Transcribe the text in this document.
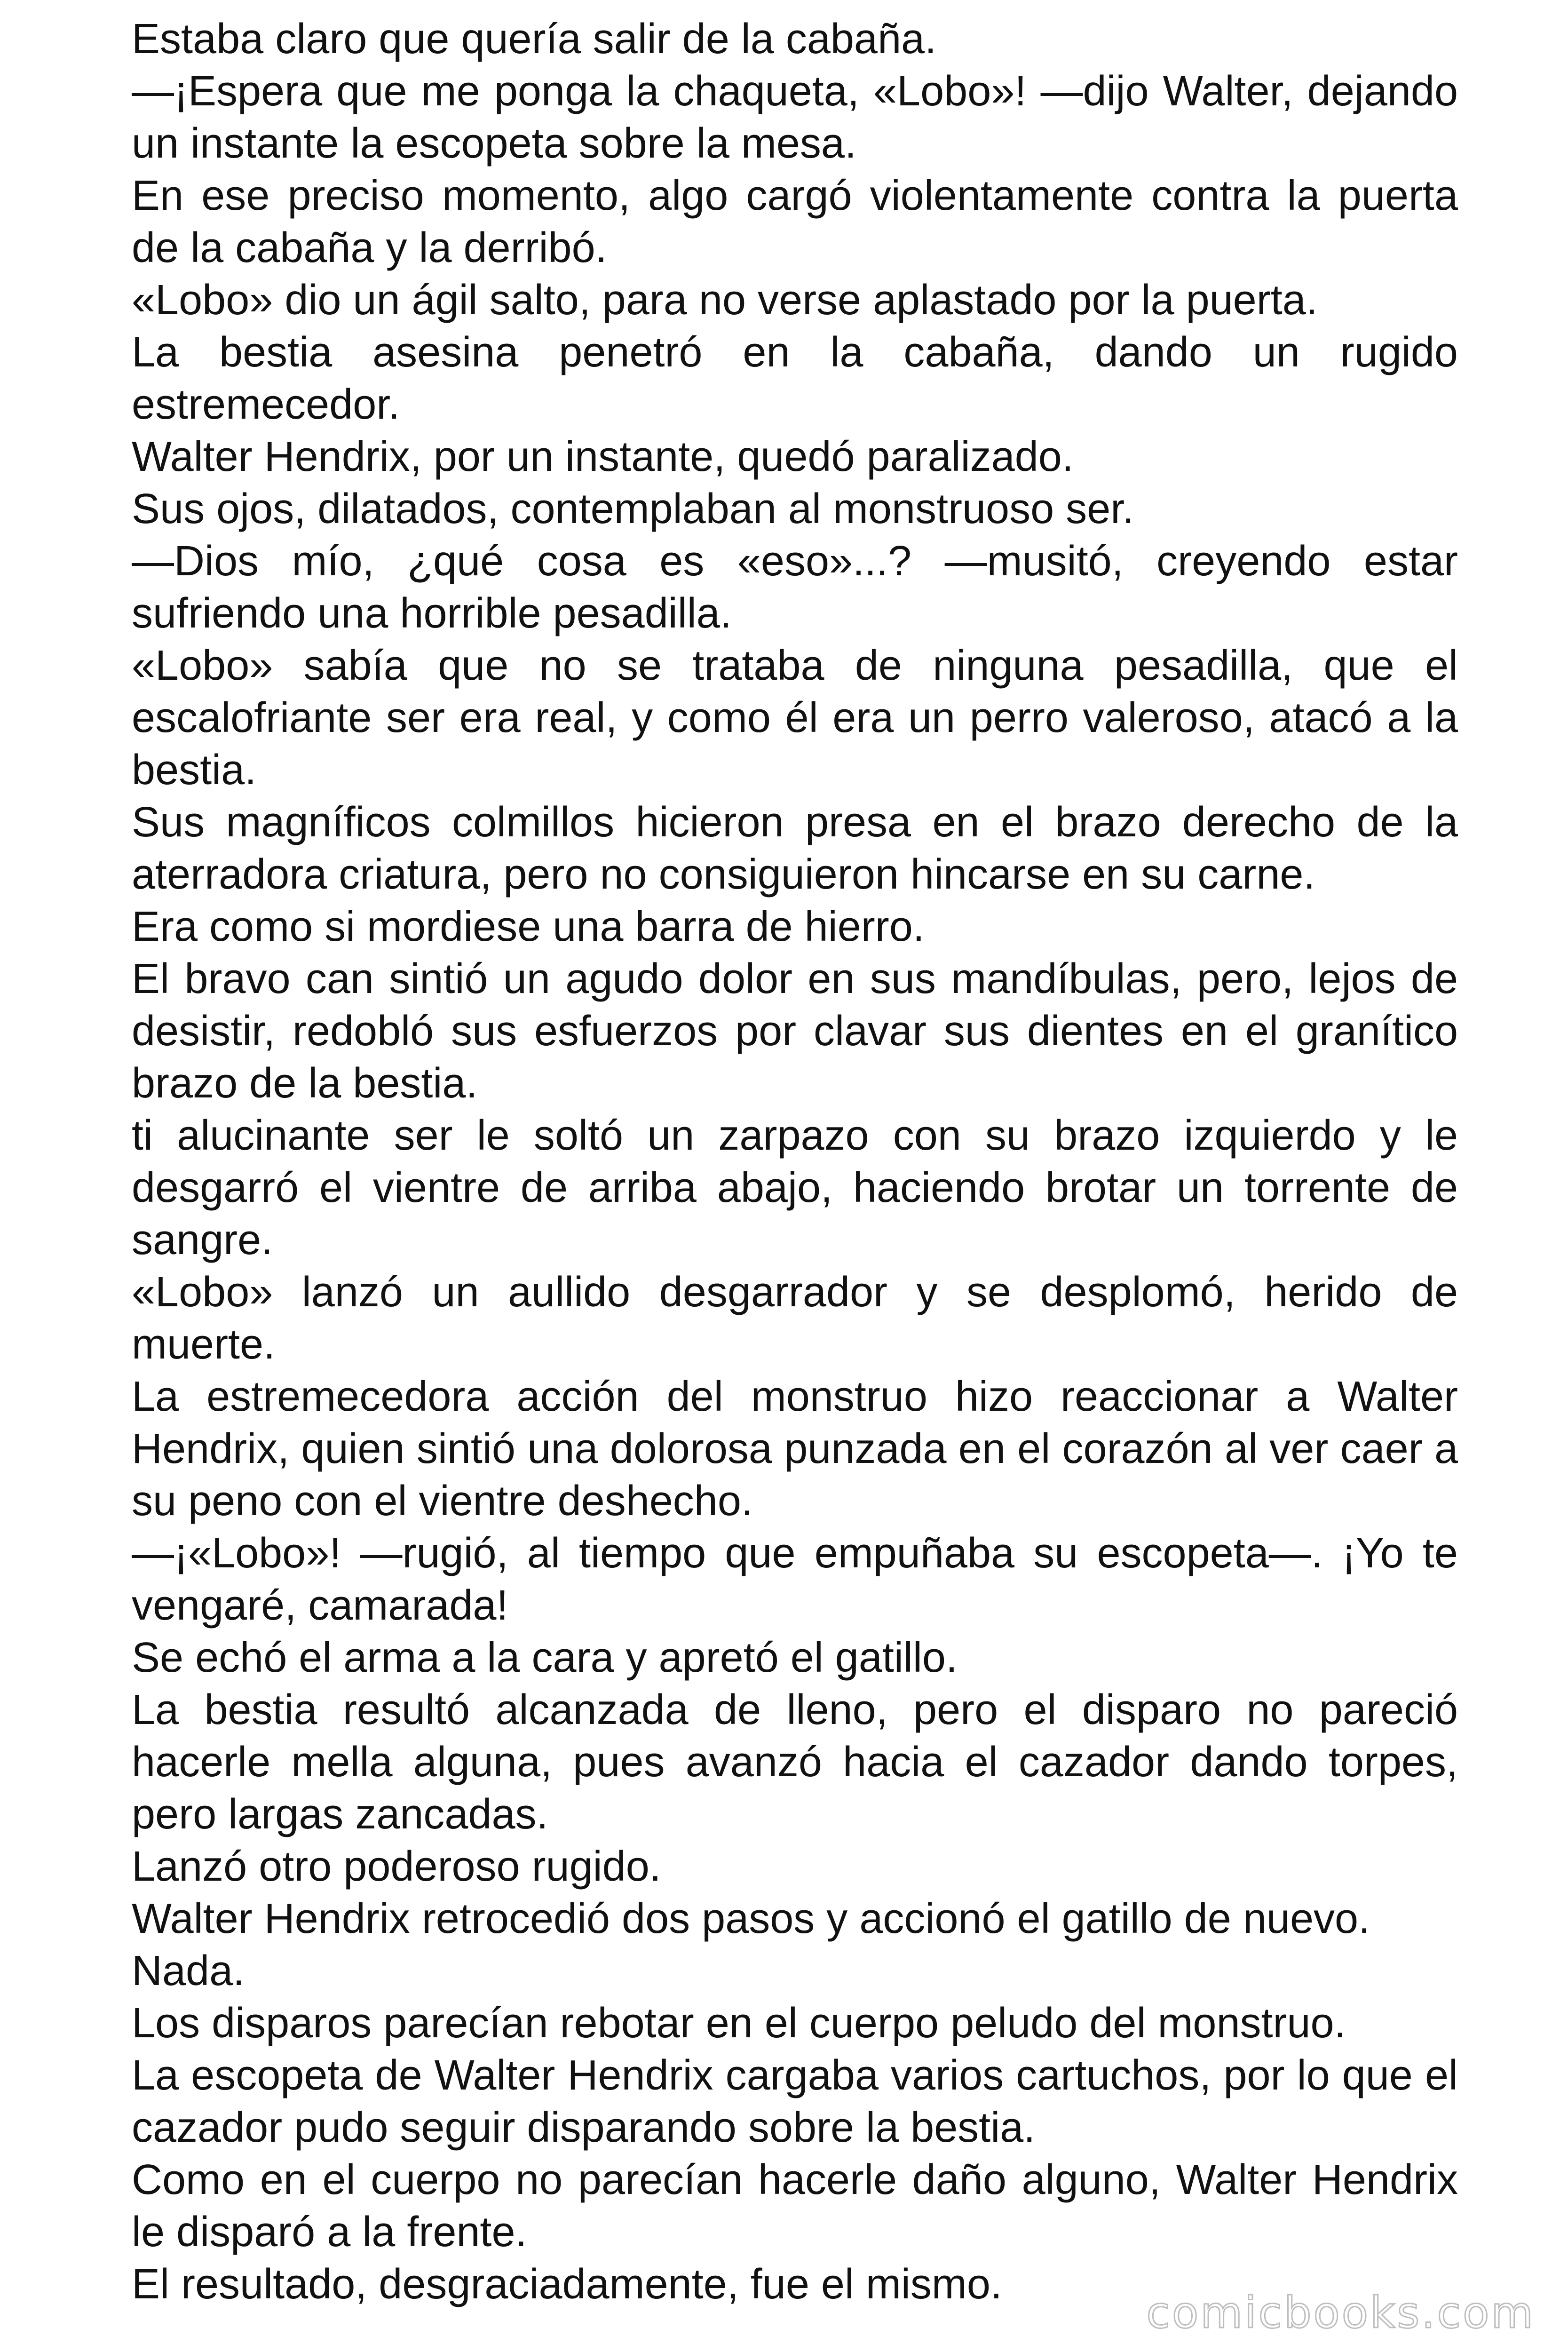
Estaba claro que quería salir de la cabaña.

—¡Espera que me ponga la chaqueta, «Lobo»! —dijo Walter, dejando un instante la escopeta sobre la mesa.

En ese preciso momento, algo cargó violentamente contra la puerta de la cabaña y la derribó.

«Lobo» dio un ágil salto, para no verse aplastado por la puerta.

La bestia asesina penetró en la cabaña, dando un rugido estremecedor.

Walter Hendrix, por un instante, quedó paralizado.

Sus ojos, dilatados, contemplaban al monstruoso ser.

—Dios mío, ¿qué cosa es «eso»...? —musitó, creyendo estar sufriendo una horrible pesadilla.

«Lobo» sabía que no se trataba de ninguna pesadilla, que el escalofriante ser era real, y como él era un perro valeroso, atacó a la bestia.

Sus magníficos colmillos hicieron presa en el brazo derecho de la aterradora criatura, pero no consiguieron hincarse en su carne.

Era como si mordiese una barra de hierro.

El bravo can sintió un agudo dolor en sus mandíbulas, pero, lejos de desistir, redobló sus esfuerzos por clavar sus dientes en el granítico brazo de la bestia.

ti alucinante ser le soltó un zarpazo con su brazo izquierdo y le desgarró el vientre de arriba abajo, haciendo brotar un torrente de sangre.

«Lobo» lanzó un aullido desgarrador y se desplomó, herido de muerte.

La estremecedora acción del monstruo hizo reaccionar a Walter Hendrix, quien sintió una dolorosa punzada en el corazón al ver caer a su peno con el vientre deshecho.

—¡«Lobo»! —rugió, al tiempo que empuñaba su escopeta—. ¡Yo te vengaré, camarada!

Se echó el arma a la cara y apretó el gatillo.

La bestia resultó alcanzada de lleno, pero el disparo no pareció hacerle mella alguna, pues avanzó hacia el cazador dando torpes, pero largas zancadas.

Lanzó otro poderoso rugido.

Walter Hendrix retrocedió dos pasos y accionó el gatillo de nuevo.

Nada.

Los disparos parecían rebotar en el cuerpo peludo del monstruo.

La escopeta de Walter Hendrix cargaba varios cartuchos, por lo que el cazador pudo seguir disparando sobre la bestia.

Como en el cuerpo no parecían hacerle daño alguno, Walter Hendrix le disparó a la frente.

El resultado, desgraciadamente, fue el mismo.

comicbooks.com
